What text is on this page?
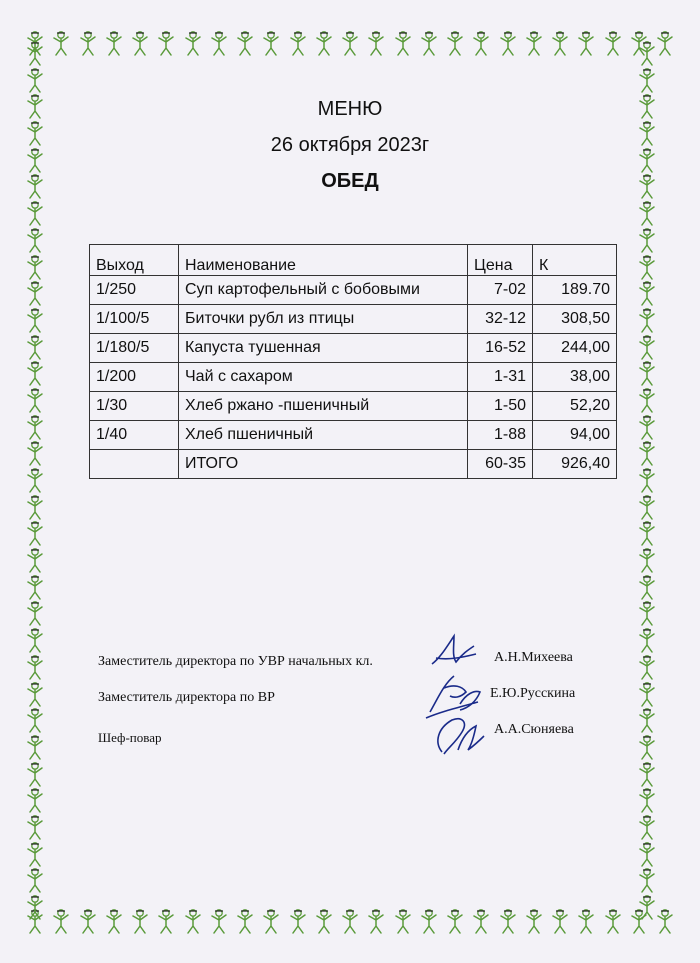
МЕНЮ
26 октября 2023г
ОБЕД
Выход	Наименование	Цена	К
1/250	Суп картофельный с бобовыми	7-02	189.70
1/100/5	Биточки рубл из птицы	32-12	308,50
1/180/5	Капуста тушенная	16-52	244,00
1/200	Чай с сахаром	1-31	38,00
1/30	Хлеб ржано -пшеничный	1-50	52,20
1/40	Хлеб пшеничный	1-88	94,00
	ИТОГО	60-35	926,40
Заместитель директора по УВР начальных кл.	А.Н.Михеева
Заместитель директора по ВР	Е.Ю.Русскина
Шеф-повар
А.А.Сюняева
